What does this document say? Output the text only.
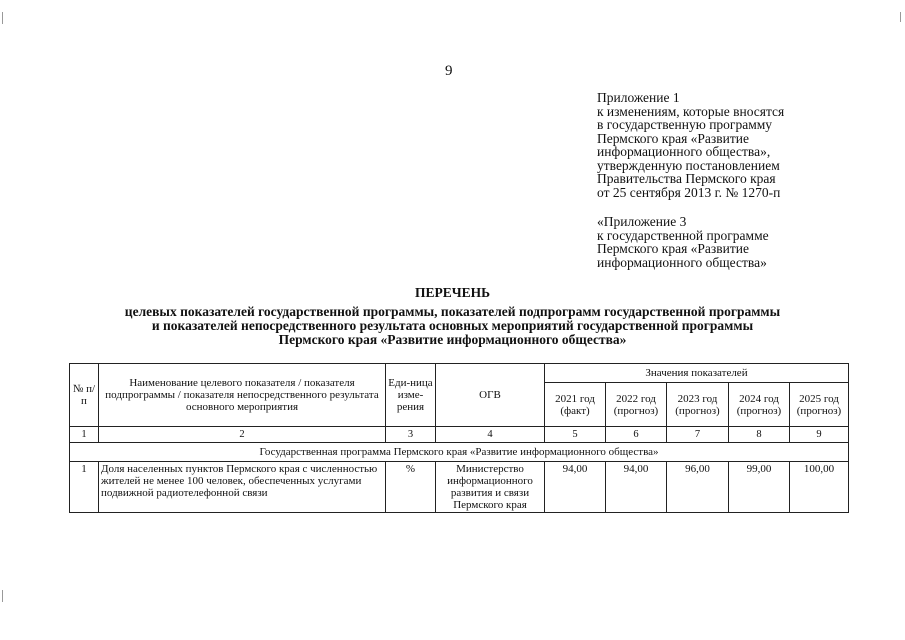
9
Приложение 1
к изменениям, которые вносятся
в государственную программу
Пермского края «Развитие
информационного общества»,
утвержденную постановлением
Правительства Пермского края
от 25 сентября 2013 г. № 1270-п
«Приложение 3
к государственной программе
Пермского края «Развитие
информационного общества»
ПЕРЕЧЕНЬ
целевых показателей государственной программы, показателей подпрограмм государственной программы
и показателей непосредственного результата основных мероприятий государственной программы
Пермского края «Развитие информационного общества»
№ п/п	Наименование целевого показателя / показателя подпрограммы / показателя непосредственного результата основного мероприятия	Еди-ница изме-рения	ОГВ	Значения показателей				
				2021 год (факт)	2022 год (прогноз)	2023 год (прогноз)	2024 год (прогноз)	2025 год (прогноз)
1	2	3	4	5	6	7	8	9
Государственная программа Пермского края «Развитие информационного общества»								
1	Доля населенных пунктов Пермского края с численностью жителей не менее 100 человек, обеспеченных услугами подвижной радиотелефонной связи	%	Министерство информационного развития и связи Пермского края	94,00	94,00	96,00	99,00	100,00
